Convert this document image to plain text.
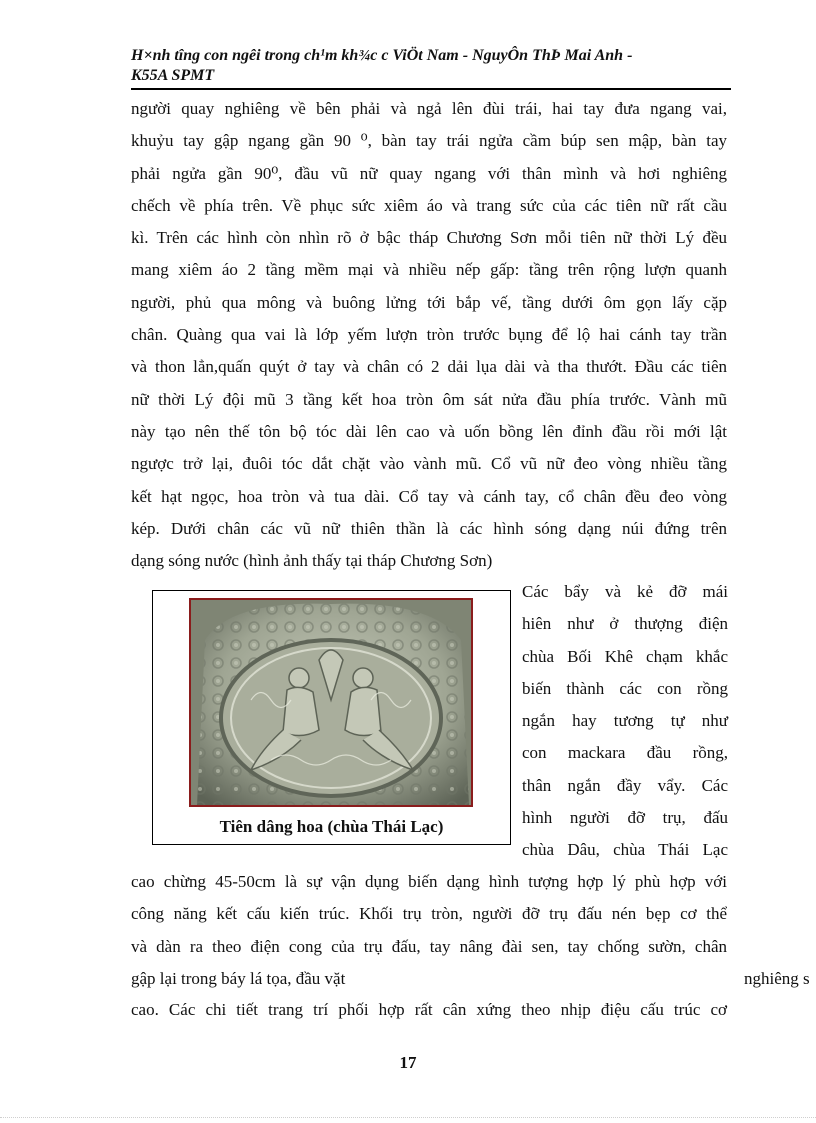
H×nh tîng con ngêi trong ch¹m kh¾c c ViÖt Nam - NguyÔn ThÞ Mai Anh -
K55A SPMT
người quay nghiêng về bên phải và ngả lên đùi trái, hai tay đưa ngang vai,
khuỷu tay gập ngang gần 90 ⁰, bàn tay trái ngửa cầm búp sen mập, bàn tay
phải ngửa gần 90⁰, đầu vũ nữ quay ngang với thân mình và hơi nghiêng
chếch về phía trên. Về phục sức xiêm áo và trang sức của các tiên nữ rất cầu
kì. Trên các hình còn nhìn rõ ở bậc tháp Chương Sơn mỗi tiên nữ thời Lý đều
mang xiêm áo 2 tầng mềm mại và nhiều nếp gấp: tầng trên rộng lượn quanh
người, phủ qua mông và buông lửng tới bắp vế, tầng dưới ôm gọn lấy cặp
chân. Quàng qua vai là lớp yếm lượn tròn trước bụng để lộ hai cánh tay trần
và thon lẳn,quấn quýt ở tay và chân có 2 dải lụa dài và tha thướt. Đầu các tiên
nữ thời Lý đội mũ 3 tầng kết hoa tròn ôm sát nửa đầu phía trước. Vành mũ
này tạo nên thế tôn bộ tóc dài lên cao và uốn bồng lên đỉnh đầu rồi mới lật
ngược trở lại, đuôi tóc dắt chặt vào vành mũ. Cổ vũ nữ đeo vòng nhiều tầng
kết hạt ngọc, hoa tròn và tua dài. Cổ tay và cánh tay, cổ chân đều đeo vòng
kép. Dưới chân các vũ nữ thiên thần là các hình sóng dạng núi đứng trên
dạng sóng nước (hình ảnh thấy tại tháp Chương Sơn)
Tiên dâng hoa (chùa Thái Lạc)
Các bẩy và kẻ đỡ mái
hiên như ở thượng điện
chùa Bối Khê chạm khắc
biến thành các con rồng
ngắn hay tương tự như
con mackara đầu rồng,
thân ngắn đầy vẩy. Các
hình người đỡ trụ, đấu
chùa Dâu, chùa Thái Lạc
cao chừng 45-50cm là sự vận dụng biến dạng hình tượng hợp lý phù hợp với
công năng kết cấu kiến trúc. Khối trụ tròn, người đỡ trụ đấu nén bẹp cơ thể
và dàn ra theo điện cong của trụ đấu, tay nâng đài sen, tay chống sườn, chân
gập lại trong báy lá tọa, đầu vặt	nghiêng s
cao. Các chi tiết trang trí phối hợp rất cân xứng theo nhịp điệu cấu trúc cơ
17
